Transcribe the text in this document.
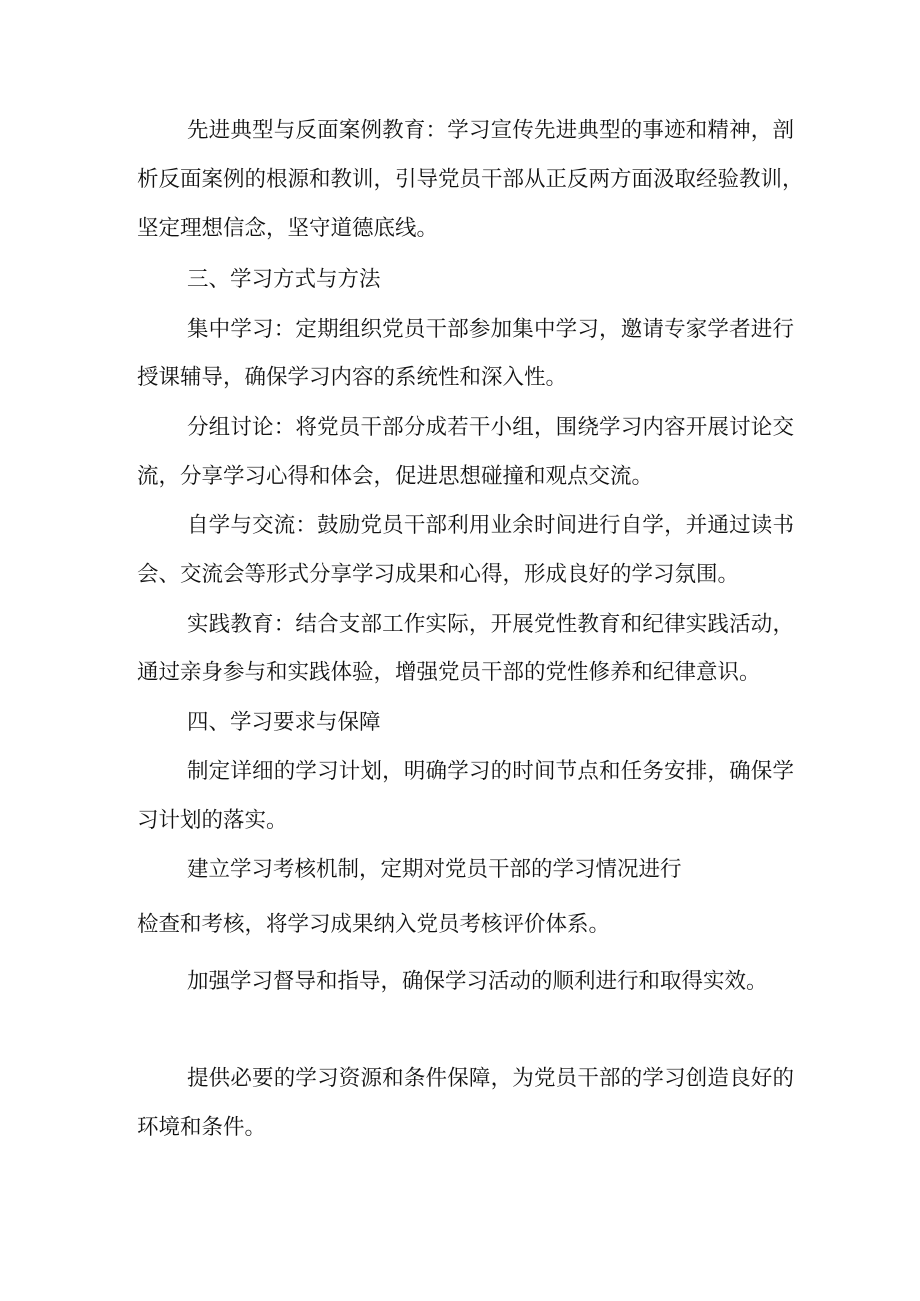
先进典型与反面案例教育：学习宣传先进典型的事迹和精神，剖

析反面案例的根源和教训，引导党员干部从正反两方面汲取经验教训，

坚定理想信念，坚守道德底线。

三、学习方式与方法

集中学习：定期组织党员干部参加集中学习，邀请专家学者进行

授课辅导，确保学习内容的系统性和深入性。

分组讨论：将党员干部分成若干小组，围绕学习内容开展讨论交

流，分享学习心得和体会，促进思想碰撞和观点交流。

自学与交流：鼓励党员干部利用业余时间进行自学，并通过读书

会、交流会等形式分享学习成果和心得，形成良好的学习氛围。

实践教育：结合支部工作实际，开展党性教育和纪律实践活动，

通过亲身参与和实践体验，增强党员干部的党性修养和纪律意识。

四、学习要求与保障

制定详细的学习计划，明确学习的时间节点和任务安排，确保学

习计划的落实。

建立学习考核机制，定期对党员干部的学习情况进行

检查和考核，将学习成果纳入党员考核评价体系。

加强学习督导和指导，确保学习活动的顺利进行和取得实效。

提供必要的学习资源和条件保障，为党员干部的学习创造良好的

环境和条件。
